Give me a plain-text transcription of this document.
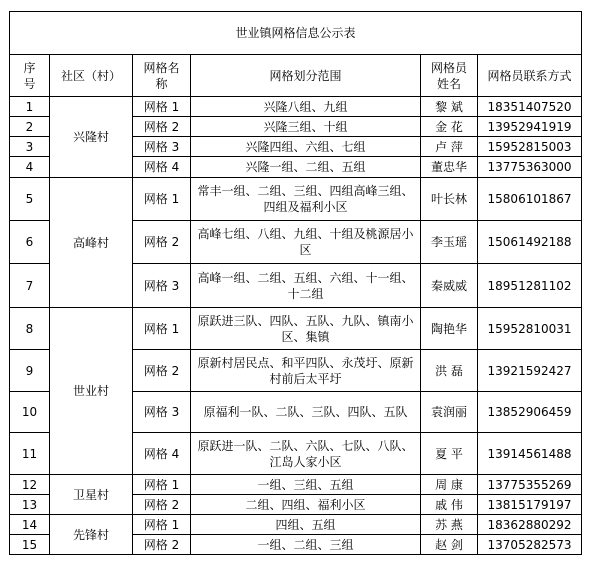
世业镇网格信息公示表					
序号	社区（村）	网格名称	网格划分范围	网格员姓名	网格员联系方式
1	兴隆村	网格 1	兴隆八组、九组	黎 斌	18351407520
2		网格 2	兴隆三组、十组	金 花	13952941919
3		网格 3	兴隆四组、六组、七组	卢 萍	15952815003
4		网格 4	兴隆一组、二组、五组	董忠华	13775363000
5	高峰村	网格 1	常丰一组、二组、三组、四组高峰三组、四组及福利小区	叶长林	15806101867
6		网格 2	高峰七组、八组、九组、十组及桃源居小区	李玉瑶	15061492188
7		网格 3	高峰一组、二组、五组、六组、十一组、十二组	秦威威	18951281102
8	世业村	网格 1	原跃进三队、四队、五队、九队、镇南小区、集镇	陶艳华	15952810031
9		网格 2	原新村居民点、和平四队、永茂圩、原新村前后太平圩	洪 磊	13921592427
10		网格 3	原福利一队、二队、三队、四队、五队	袁润丽	13852906459
11		网格 4	原跃进一队、二队、六队、七队、八队、江岛人家小区	夏 平	13914561488
12	卫星村	网格 1	一组、三组、五组	周 康	13775355269
13		网格 2	二组、四组、福利小区	戚 伟	13815179197
14	先锋村	网格 1	四组、五组	苏 燕	18362880292
15		网格 2	一组、二组、三组	赵 剑	13705282573
